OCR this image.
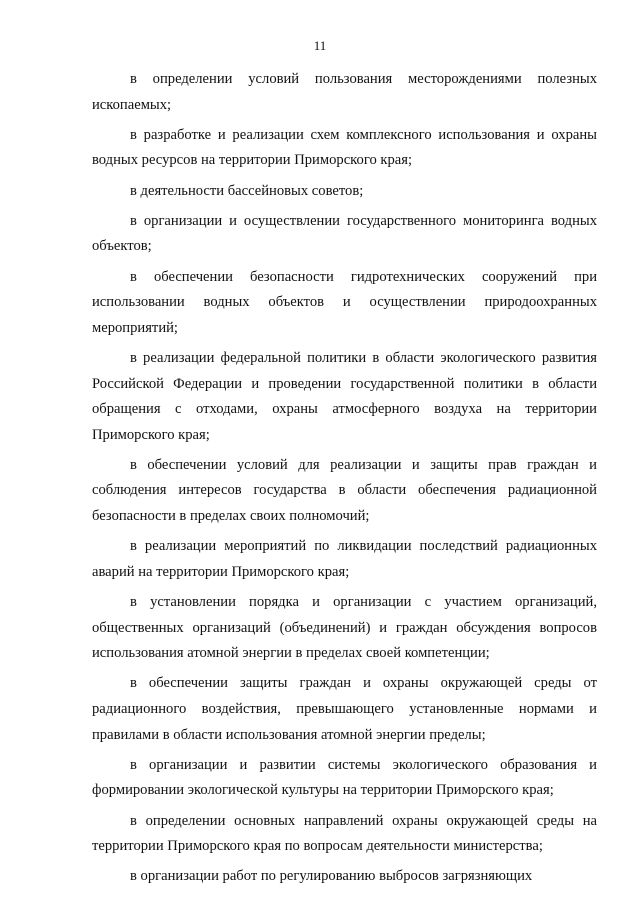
11

в определении условий пользования месторождениями полезных ископаемых;

в разработке и реализации схем комплексного использования и охраны водных ресурсов на территории Приморского края;

в деятельности бассейновых советов;

в организации и осуществлении государственного мониторинга водных объектов;

в обеспечении безопасности гидротехнических сооружений при использовании водных объектов и осуществлении природоохранных мероприятий;

в реализации федеральной политики в области экологического развития Российской Федерации и проведении государственной политики в области обращения с отходами, охраны атмосферного воздуха на территории Приморского края;

в обеспечении условий для реализации и защиты прав граждан и соблюдения интересов государства в области обеспечения радиационной безопасности в пределах своих полномочий;

в реализации мероприятий по ликвидации последствий радиационных аварий на территории Приморского края;

в установлении порядка и организации с участием организаций, общественных организаций (объединений) и граждан обсуждения вопросов использования атомной энергии в пределах своей компетенции;

в обеспечении защиты граждан и охраны окружающей среды от радиационного воздействия, превышающего установленные нормами и правилами в области использования атомной энергии пределы;

в организации и развитии системы экологического образования и формировании экологической культуры на территории Приморского края;

в определении основных направлений охраны окружающей среды на территории Приморского края по вопросам деятельности министерства;

в организации работ по регулированию выбросов загрязняющих
